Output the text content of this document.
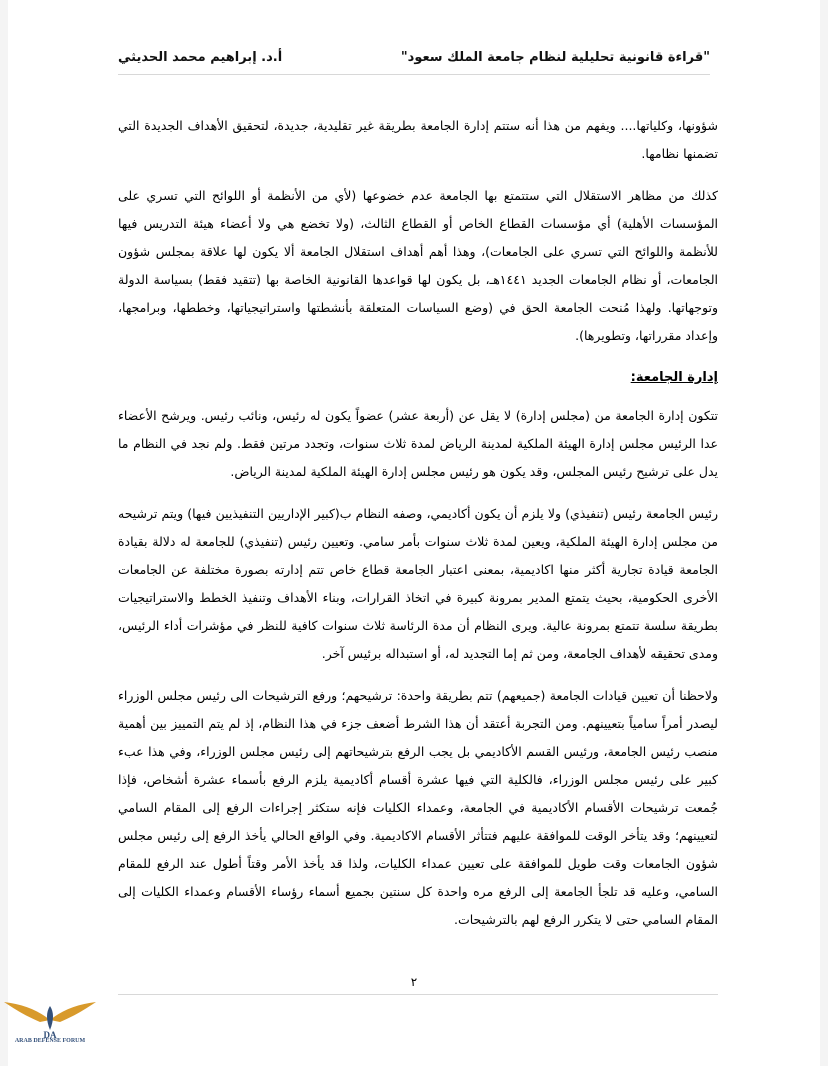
"قراءة قانونية تحليلية لنظام جامعة الملك سعود"
أ.د. إبراهيم محمد الحديثي

شؤونها، وكلياتها.... ويفهم من هذا أنه ستتم إدارة الجامعة بطريقة غير تقليدية، جديدة، لتحقيق الأهداف الجديدة التي تضمنها نظامها.

كذلك من مظاهر الاستقلال التي ستتمتع بها الجامعة عدم خضوعها (لأي من الأنظمة أو اللوائح التي تسري على المؤسسات الأهلية) أي مؤسسات القطاع الخاص أو القطاع الثالث، (ولا تخضع هي ولا أعضاء هيئة التدريس فيها للأنظمة واللوائح التي تسري على الجامعات)، وهذا أهم أهداف استقلال الجامعة ألا يكون لها علاقة بمجلس شؤون الجامعات، أو نظام الجامعات الجديد ١٤٤١هـ، بل يكون لها قواعدها القانونية الخاصة بها (تتقيد فقط) بسياسة الدولة وتوجهاتها. ولهذا مُنحت الجامعة الحق في (وضع السياسات المتعلقة بأنشطتها واستراتيجياتها، وخططها، وبرامجها، وإعداد مقرراتها، وتطويرها).

إدارة الجامعة:

تتكون إدارة الجامعة من (مجلس إدارة) لا يقل عن (أربعة عشر) عضواً يكون له رئيس، ونائب رئيس. ويرشح الأعضاء عدا الرئيس مجلس إدارة الهيئة الملكية لمدينة الرياض لمدة ثلاث سنوات، وتجدد مرتين فقط. ولم نجد في النظام ما يدل على ترشيح رئيس المجلس، وقد يكون هو رئيس مجلس إدارة الهيئة الملكية لمدينة الرياض.

رئيس الجامعة رئيس (تنفيذي) ولا يلزم أن يكون أكاديمي، وصفه النظام ب(كبير الإداريين التنفيذيين فيها) ويتم ترشيحه من مجلس إدارة الهيئة الملكية، ويعين لمدة ثلاث سنوات بأمر سامي. وتعيين رئيس (تنفيذي) للجامعة له دلالة بقيادة الجامعة قيادة تجارية أكثر منها اكاديمية، بمعنى اعتبار الجامعة قطاع خاص تتم إدارته بصورة مختلفة عن الجامعات الأخرى الحكومية، بحيث يتمتع المدير بمرونة كبيرة في اتخاذ القرارات، وبناء الأهداف وتنفيذ الخطط والاستراتيجيات بطريقة سلسة تتمتع بمرونة عالية. ويرى النظام أن مدة الرئاسة ثلاث سنوات كافية للنظر في مؤشرات أداء الرئيس، ومدى تحقيقه لأهداف الجامعة، ومن ثم إما التجديد له، أو استبداله برئيس آخر.

ولاحظنا أن تعيين قيادات الجامعة (جميعهم) تتم بطريقة واحدة: ترشيحهم؛ ورفع الترشيحات الى رئيس مجلس الوزراء ليصدر أمراً سامياً بتعيينهم. ومن التجربة أعتقد أن هذا الشرط أضعف جزء في هذا النظام، إذ لم يتم التمييز بين أهمية منصب رئيس الجامعة، ورئيس القسم الأكاديمي بل يجب الرفع بترشيحاتهم إلى رئيس مجلس الوزراء، وفي هذا عبء كبير على رئيس مجلس الوزراء، فالكلية التي فيها عشرة أقسام أكاديمية يلزم الرفع بأسماء عشرة أشخاص، فإذا جُمعت ترشيحات الأقسام الأكاديمية في الجامعة، وعمداء الكليات فإنه ستكثر إجراءات الرفع إلى المقام السامي لتعيينهم؛ وقد يتأخر الوقت للموافقة عليهم فتتأثر الأقسام الاكاديمية. وفي الواقع الحالي يأخذ الرفع إلى رئيس مجلس شؤون الجامعات وقت طويل للموافقة على تعيين عمداء الكليات، ولذا قد يأخذ الأمر وقتاً أطول عند الرفع للمقام السامي، وعليه قد تلجأ الجامعة إلى الرفع مره واحدة كل سنتين بجميع أسماء رؤساء الأقسام وعمداء الكليات إلى المقام السامي حتى لا يتكرر الرفع لهم بالترشيحات.

٢
DA
ARAB DEFENSE FORUM
